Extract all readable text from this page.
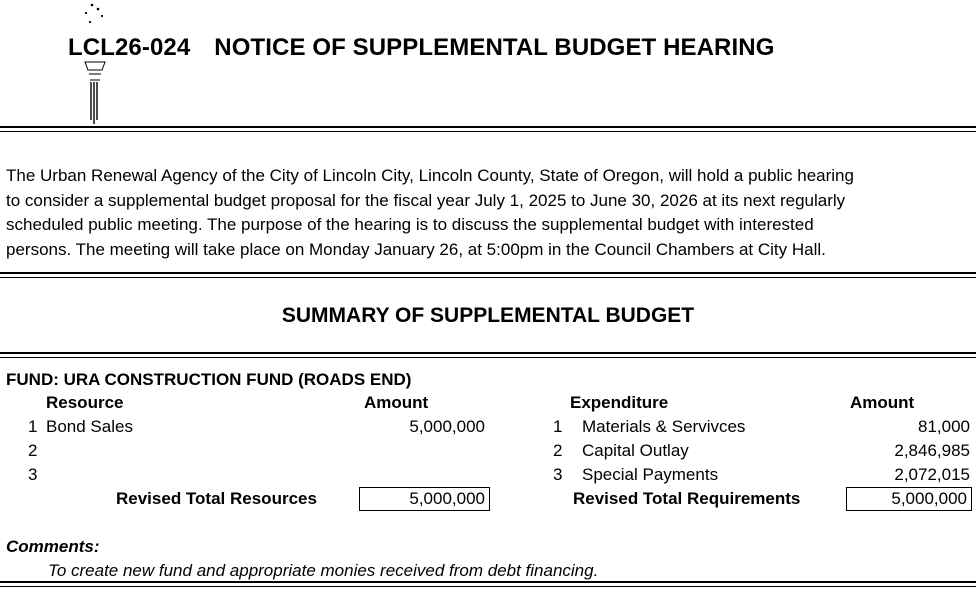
LCL26-024 NOTICE OF SUPPLEMENTAL BUDGET HEARING

The Urban Renewal Agency of the City of Lincoln City, Lincoln County, State of Oregon, will hold a public hearing

to consider a supplemental budget proposal for the fiscal year July 1, 2025 to June 30, 2026 at its next regularly

scheduled public meeting. The purpose of the hearing is to discuss the supplemental budget with interested

persons. The meeting will take place on Monday January 26, at 5:00pm in the Council Chambers at City Hall.

SUMMARY OF SUPPLEMENTAL BUDGET
FUND: URA CONSTRUCTION FUND (ROADS END)
Resource	Amount
1 Bond Sales	5,000,000
2
3
Revised Total Resources	5,000,000
Expenditure	Amount
1 Materials & Servivces	81,000
2 Capital Outlay	2,846,985
3 Special Payments	2,072,015
Revised Total Requirements	5,000,000
Comments:
To create new fund and appropriate monies received from debt financing.
